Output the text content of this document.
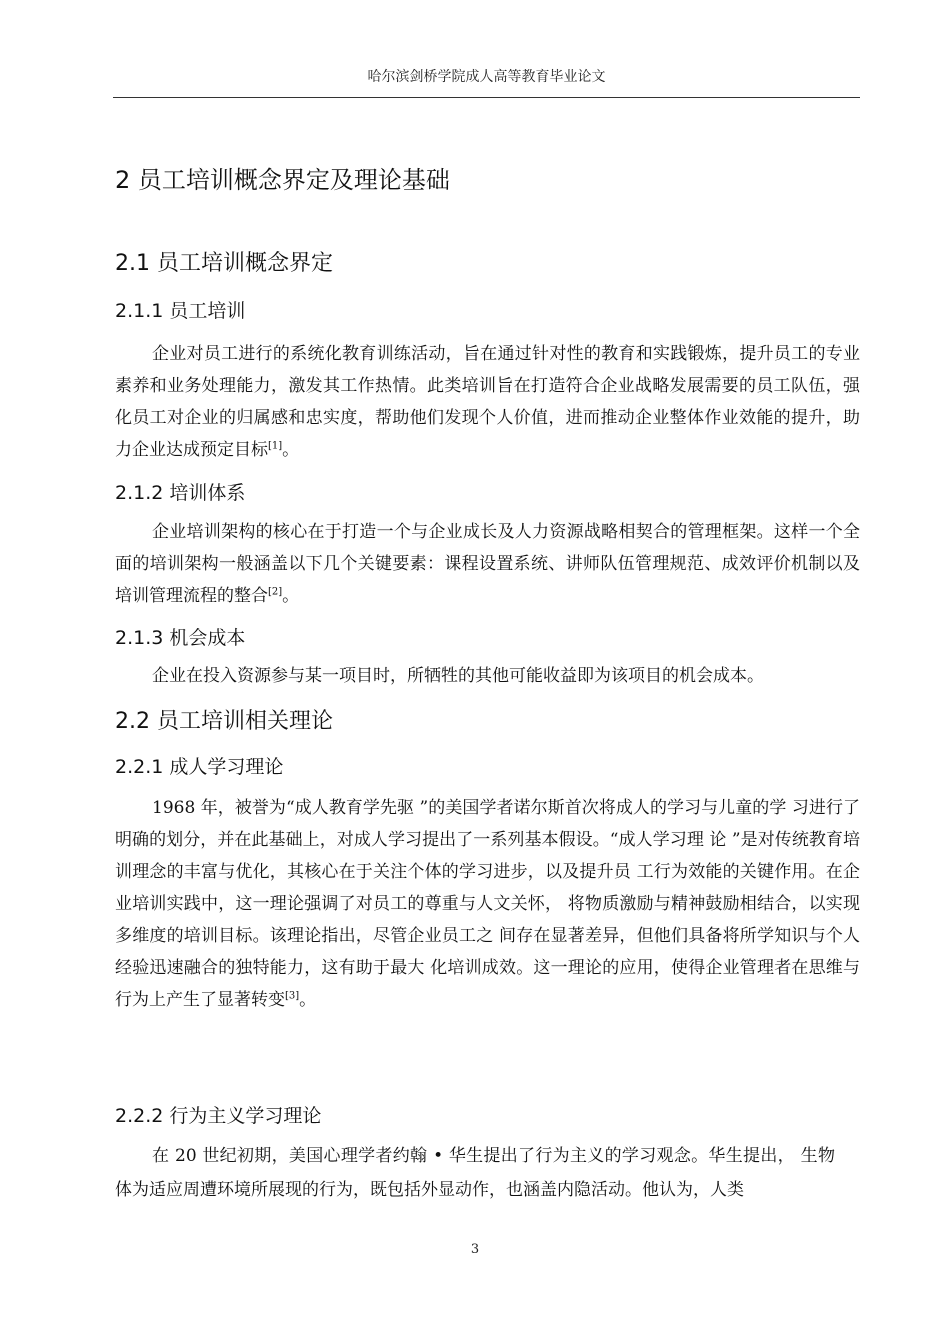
哈尔滨剑桥学院成人高等教育毕业论文
2 员工培训概念界定及理论基础
2.1 员工培训概念界定
2.1.1 员工培训
企业对员工进行的系统化教育训练活动，旨在通过针对性的教育和实践锻炼，提升员工的专业素养和业务处理能力，激发其工作热情。此类培训旨在打造符合企业战略发展需要的员工队伍，强化员工对企业的归属感和忠实度，帮助他们发现个人价值，进而推动企业整体作业效能的提升，助力企业达成预定目标[1]。
2.1.2 培训体系
企业培训架构的核心在于打造一个与企业成长及人力资源战略相契合的管理框架。这样一个全面的培训架构一般涵盖以下几个关键要素：课程设置系统、讲师队伍管理规范、成效评价机制以及培训管理流程的整合[2]。
2.1.3 机会成本
企业在投入资源参与某一项目时，所牺牲的其他可能收益即为该项目的机会成本。
2.2 员工培训相关理论
2.2.1 成人学习理论
1968 年，被誉为“成人教育学先驱 ”的美国学者诺尔斯首次将成人的学习与儿童的学 习进行了明确的划分，并在此基础上，对成人学习提出了一系列基本假设。“成人学习理 论 ”是对传统教育培训理念的丰富与优化，其核心在于关注个体的学习进步，以及提升员 工行为效能的关键作用。在企业培训实践中，这一理论强调了对员工的尊重与人文关怀， 将物质激励与精神鼓励相结合，以实现多维度的培训目标。该理论指出，尽管企业员工之 间存在显著差异，但他们具备将所学知识与个人经验迅速融合的独特能力，这有助于最大 化培训成效。这一理论的应用，使得企业管理者在思维与行为上产生了显著转变[3]。
2.2.2 行为主义学习理论
在 20 世纪初期，美国心理学者约翰 • 华生提出了行为主义的学习观念。华生提出， 生物体为适应周遭环境所展现的行为，既包括外显动作，也涵盖内隐活动。他认为，人类
3
